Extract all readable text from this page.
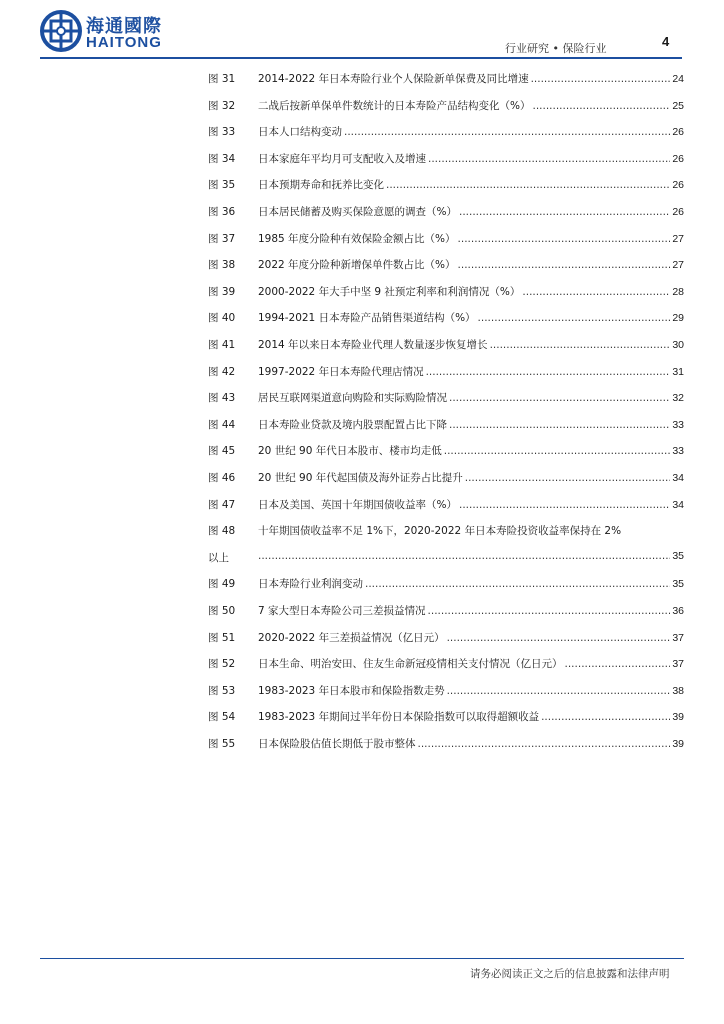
海通國際
HAITONG	行业研究 • 保险行业	4
图 31 2014-2022 年日本寿险行业个人保险新单保费及同比增速 .....	24
图 32 二战后按新单保单件数统计的日本寿险产品结构变化（%） .....	25
图 33 日本人口结构变动 .....	26
图 34 日本家庭年平均月可支配收入及增速 .....	26
图 35 日本预期寿命和抚养比变化 .....	26
图 36 日本居民储蓄及购买保险意愿的调查（%） .....	26
图 37 1985 年度分险种有效保险金额占比（%） .....	27
图 38 2022 年度分险种新增保单件数占比（%） .....	27
图 39 2000-2022 年大手中坚 9 社预定利率和利润情况（%） .....	28
图 40 1994-2021 日本寿险产品销售渠道结构（%） .....	29
图 41 2014 年以来日本寿险业代理人数量逐步恢复增长 .....	30
图 42 1997-2022 年日本寿险代理店情况 .....	31
图 43 居民互联网渠道意向购险和实际购险情况 .....	32
图 44 日本寿险业贷款及境内股票配置占比下降 .....	33
图 45 20 世纪 90 年代日本股市、楼市均走低 .....	33
图 46 20 世纪 90 年代起国债及海外证券占比提升 .....	34
图 47 日本及美国、英国十年期国债收益率（%） .....	34
图 48 十年期国债收益率不足 1%下，2020-2022 年日本寿险投资收益率保持在 2%
以上 .....	35
图 49 日本寿险行业利润变动 .....	35
图 50 7 家大型日本寿险公司三差损益情况 .....	36
图 51 2020-2022 年三差损益情况（亿日元） .....	37
图 52 日本生命、明治安田、住友生命新冠疫情相关支付情况（亿日元） .....	37
图 53 1983-2023 年日本股市和保险指数走势 .....	38
图 54 1983-2023 年期间过半年份日本保险指数可以取得超额收益 .....	39
图 55 日本保险股估值长期低于股市整体 .....	39
请务必阅读正文之后的信息披露和法律声明
